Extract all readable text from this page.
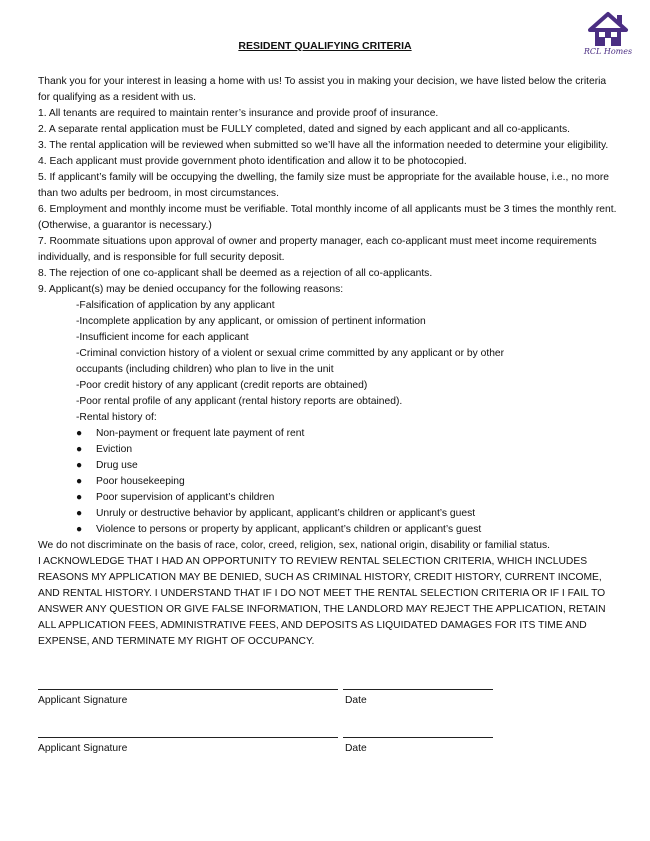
RCL Homes
RESIDENT QUALIFYING CRITERIA

Thank you for your interest in leasing a home with us! To assist you in making your decision, we have listed below the criteria for qualifying as a resident with us.

1. All tenants are required to maintain renter’s insurance and provide proof of insurance.

2. A separate rental application must be FULLY completed, dated and signed by each applicant and all co-applicants.

3. The rental application will be reviewed when submitted so we’ll have all the information needed to determine your eligibility.

4. Each applicant must provide government photo identification and allow it to be photocopied.

5. If applicant’s family will be occupying the dwelling, the family size must be appropriate for the available house, i.e., no more than two adults per bedroom, in most circumstances.

6. Employment and monthly income must be verifiable. Total monthly income of all applicants must be 3 times the monthly rent. (Otherwise, a guarantor is necessary.)

7. Roommate situations upon approval of owner and property manager, each co-applicant must meet income requirements individually, and is responsible for full security deposit.

8. The rejection of one co-applicant shall be deemed as a rejection of all co-applicants.

9. Applicant(s) may be denied occupancy for the following reasons:

-Falsification of application by any applicant

-Incomplete application by any applicant, or omission of pertinent information

-Insufficient income for each applicant

-Criminal conviction history of a violent or sexual crime committed by any applicant or by other occupants (including children) who plan to live in the unit

-Poor credit history of any applicant (credit reports are obtained)

-Poor rental profile of any applicant (rental history reports are obtained).

-Rental history of:

●	Non-payment or frequent late payment of rent
●	Eviction
●	Drug use
●	Poor housekeeping
●	Poor supervision of applicant’s children
●	Unruly or destructive behavior by applicant, applicant’s children or applicant’s guest
●	Violence to persons or property by applicant, applicant’s children or applicant’s guest

We do not discriminate on the basis of race, color, creed, religion, sex, national origin, disability or familial status.

I ACKNOWLEDGE THAT I HAD AN OPPORTUNITY TO REVIEW RENTAL SELECTION CRITERIA, WHICH INCLUDES REASONS MY APPLICATION MAY BE DENIED, SUCH AS CRIMINAL HISTORY, CREDIT HISTORY, CURRENT INCOME, AND RENTAL HISTORY. I UNDERSTAND THAT IF I DO NOT MEET THE RENTAL SELECTION CRITERIA OR IF I FAIL TO ANSWER ANY QUESTION OR GIVE FALSE INFORMATION, THE LANDLORD MAY REJECT THE APPLICATION, RETAIN ALL APPLICATION FEES, ADMINISTRATIVE FEES, AND DEPOSITS AS LIQUIDATED DAMAGES FOR ITS TIME AND EXPENSE, AND TERMINATE MY RIGHT OF OCCUPANCY.

Applicant Signature	Date
Applicant Signature	Date
